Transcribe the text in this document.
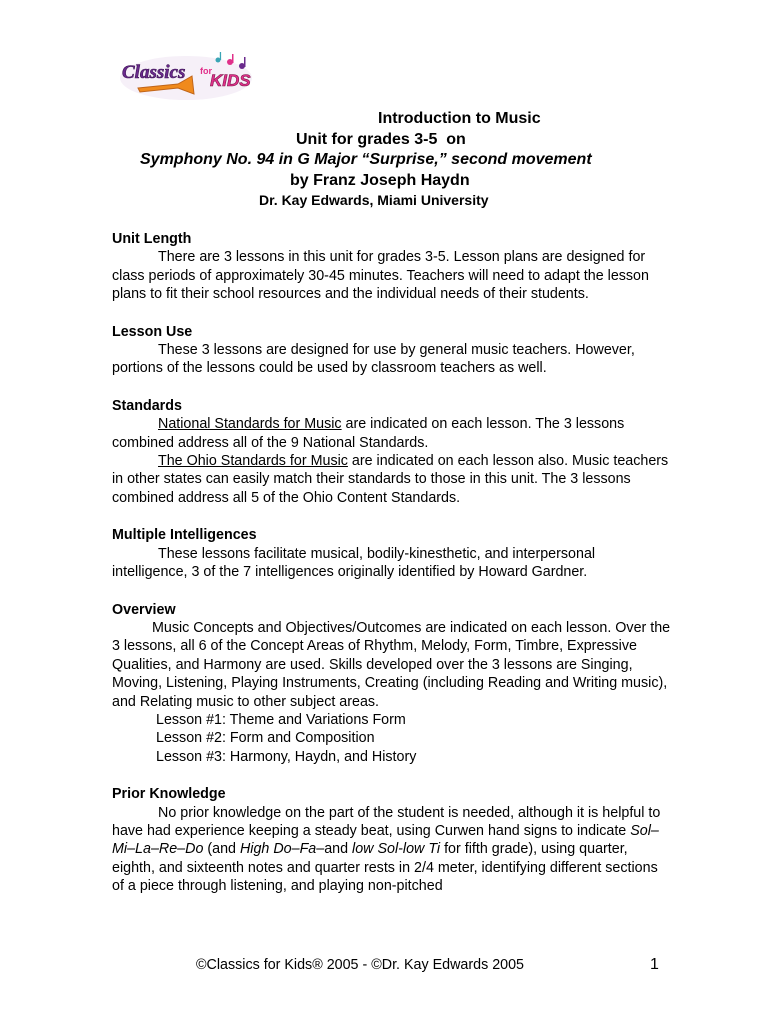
Classics for
KIDS
Introduction to Music
Unit for grades 3-5  on
Symphony No. 94 in G Major “Surprise,” second movement
by Franz Joseph Haydn
Dr. Kay Edwards, Miami University
Unit Length

There are 3 lessons in this unit for grades 3-5. Lesson plans are designed for class periods of approximately 30-45 minutes. Teachers will need to adapt the lesson plans to fit their school resources and the individual needs of their students.

Lesson Use

These 3 lessons are designed for use by general music teachers. However, portions of the lessons could be used by classroom teachers as well.

Standards

National Standards for Music are indicated on each lesson. The 3 lessons combined address all of the 9 National Standards.

The Ohio Standards for Music are indicated on each lesson also. Music teachers in other states can easily match their standards to those in this unit. The 3 lessons combined address all 5 of the Ohio Content Standards.

Multiple Intelligences

These lessons facilitate musical, bodily-kinesthetic, and interpersonal intelligence, 3 of the 7 intelligences originally identified by Howard Gardner.

Overview

Music Concepts and Objectives/Outcomes are indicated on each lesson. Over the 3 lessons, all 6 of the Concept Areas of Rhythm, Melody, Form, Timbre, Expressive Qualities, and Harmony are used. Skills developed over the 3 lessons are Singing, Moving, Listening, Playing Instruments, Creating (including Reading and Writing music), and Relating music to other subject areas.

Lesson #1: Theme and Variations Form
Lesson #2: Form and Composition
Lesson #3: Harmony, Haydn, and History
Prior Knowledge

No prior knowledge on the part of the student is needed, although it is helpful to have had experience keeping a steady beat, using Curwen hand signs to indicate Sol–Mi–La–Re–Do (and High Do–Fa–and low Sol-low Ti for fifth grade), using quarter, eighth, and sixteenth notes and quarter rests in 2/4 meter, identifying different sections of a piece through listening, and playing non-pitched

©Classics for Kids® 2005 - ©Dr. Kay Edwards 2005	1
